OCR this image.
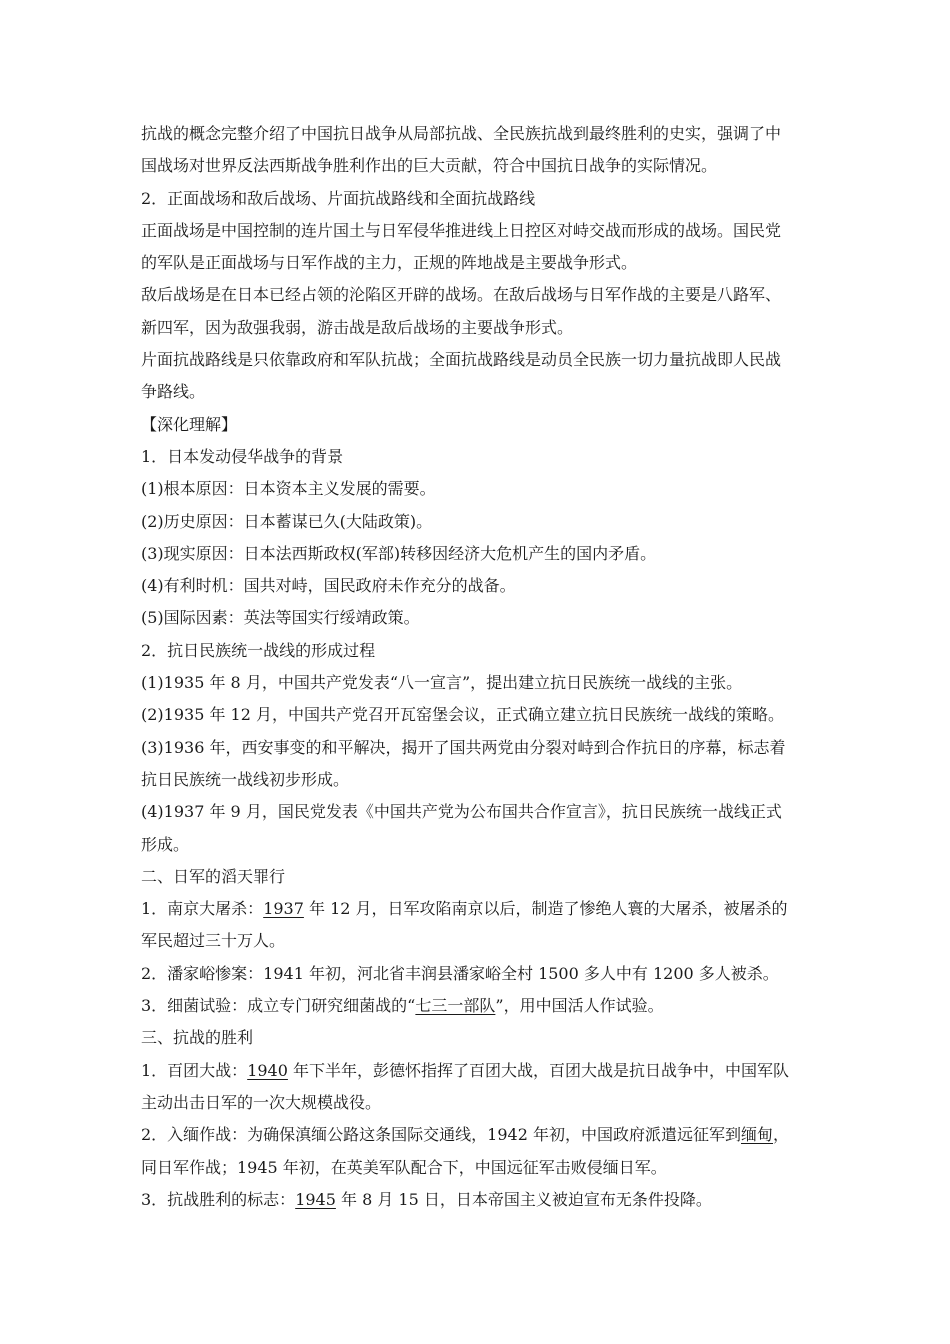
抗战的概念完整介绍了中国抗日战争从局部抗战、全民族抗战到最终胜利的史实，强调了中
国战场对世界反法西斯战争胜利作出的巨大贡献，符合中国抗日战争的实际情况。
2．正面战场和敌后战场、片面抗战路线和全面抗战路线
正面战场是中国控制的连片国土与日军侵华推进线上日控区对峙交战而形成的战场。国民党
的军队是正面战场与日军作战的主力，正规的阵地战是主要战争形式。
敌后战场是在日本已经占领的沦陷区开辟的战场。在敌后战场与日军作战的主要是八路军、
新四军，因为敌强我弱，游击战是敌后战场的主要战争形式。
片面抗战路线是只依靠政府和军队抗战；全面抗战路线是动员全民族一切力量抗战即人民战
争路线。
【深化理解】
1．日本发动侵华战争的背景
(1)根本原因：日本资本主义发展的需要。
(2)历史原因：日本蓄谋已久(大陆政策)。
(3)现实原因：日本法西斯政权(军部)转移因经济大危机产生的国内矛盾。
(4)有利时机：国共对峙，国民政府未作充分的战备。
(5)国际因素：英法等国实行绥靖政策。
2．抗日民族统一战线的形成过程
(1)1935 年 8 月，中国共产党发表“八一宣言”，提出建立抗日民族统一战线的主张。
(2)1935 年 12 月，中国共产党召开瓦窑堡会议，正式确立建立抗日民族统一战线的策略。
(3)1936 年，西安事变的和平解决，揭开了国共两党由分裂对峙到合作抗日的序幕，标志着
抗日民族统一战线初步形成。
(4)1937 年 9 月，国民党发表《中国共产党为公布国共合作宣言》，抗日民族统一战线正式
形成。
二、日军的滔天罪行
1．南京大屠杀：1937 年 12 月，日军攻陷南京以后，制造了惨绝人寰的大屠杀，被屠杀的
军民超过三十万人。
2．潘家峪惨案：1941 年初，河北省丰润县潘家峪全村 1500 多人中有 1200 多人被杀。
3．细菌试验：成立专门研究细菌战的“七三一部队”，用中国活人作试验。
三、抗战的胜利
1．百团大战：1940 年下半年，彭德怀指挥了百团大战，百团大战是抗日战争中，中国军队
主动出击日军的一次大规模战役。
2．入缅作战：为确保滇缅公路这条国际交通线，1942 年初，中国政府派遣远征军到缅甸，
同日军作战；1945 年初，在英美军队配合下，中国远征军击败侵缅日军。
3．抗战胜利的标志：1945 年 8 月 15 日，日本帝国主义被迫宣布无条件投降。
